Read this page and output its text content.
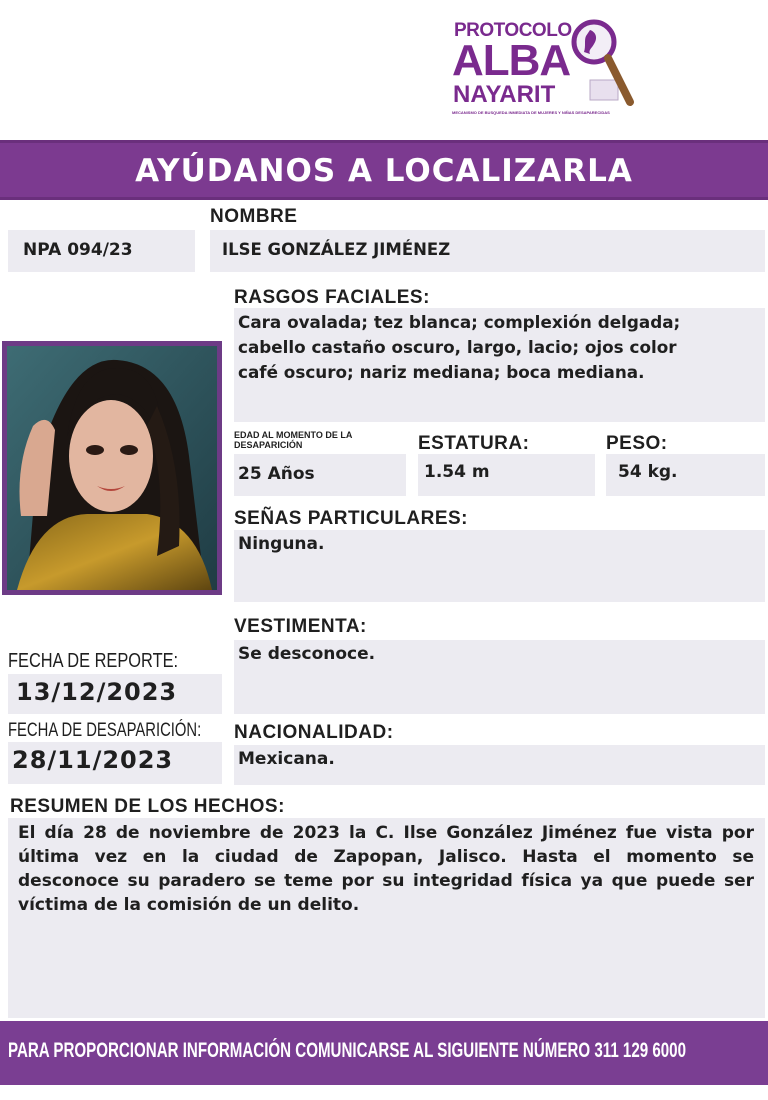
PROTOCOLO
ALBA
NAYARIT
MECANISMO DE BUSQUEDA INMEDIATA DE MUJERES Y NIÑAS DESAPARECIDAS
AYÚDANOS A LOCALIZARLA
NOMBRE
NPA 094/23	ILSE GONZÁLEZ JIMÉNEZ
RASGOS FACIALES:
Cara ovalada; tez blanca; complexión delgada;
cabello castaño oscuro, largo, lacio; ojos color
café oscuro; nariz mediana; boca mediana.
EDAD AL MOMENTO DE LA
DESAPARICIÓN	ESTATURA:	PESO:
25 Años	1.54 m	54 kg.
SEÑAS PARTICULARES:
Ninguna.
VESTIMENTA:
Se desconoce.
FECHA DE REPORTE:
13/12/2023
FECHA DE DESAPARICIÓN:
28/11/2023
NACIONALIDAD:
Mexicana.
RESUMEN DE LOS HECHOS:
El día 28 de noviembre de 2023 la C. Ilse González Jiménez fue vista por última vez en la ciudad de Zapopan, Jalisco. Hasta el momento se desconoce su paradero se teme por su integridad física ya que puede ser víctima de la comisión de un delito.
PARA PROPORCIONAR INFORMACIÓN COMUNICARSE AL SIGUIENTE NÚMERO 311 129 6000
